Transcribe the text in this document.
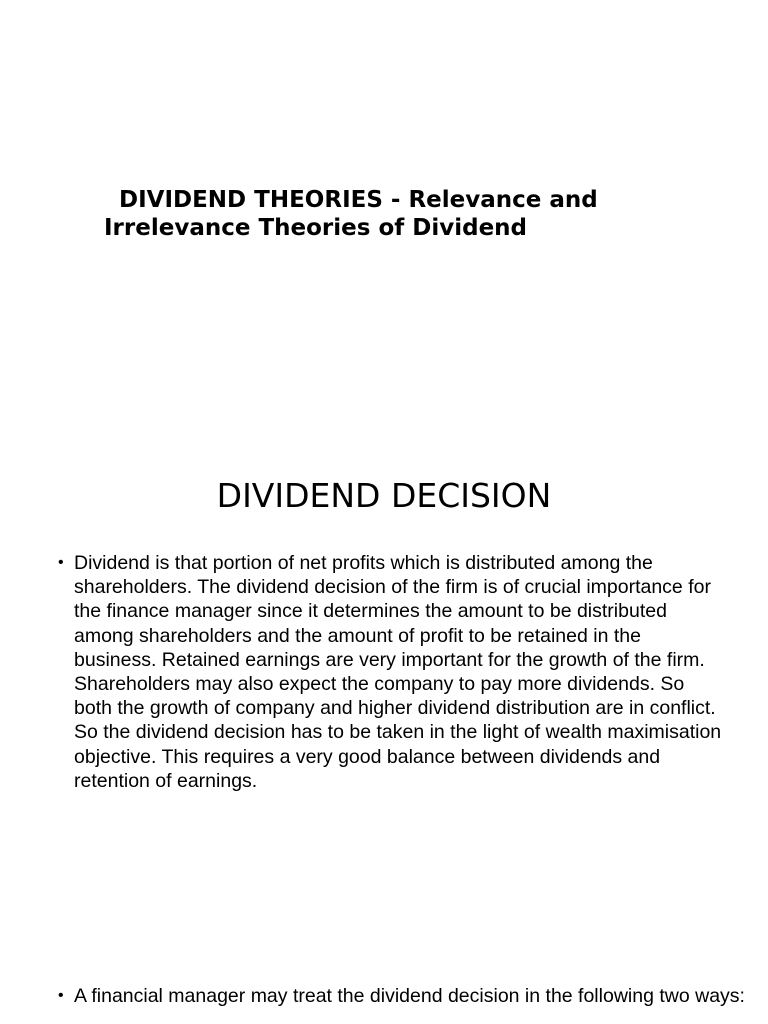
DIVIDEND THEORIES - Relevance and Irrelevance Theories of Dividend
DIVIDEND DECISION

• Dividend is that portion of net profits which is distributed among the shareholders. The dividend decision of the firm is of crucial importance for the finance manager since it determines the amount to be distributed among shareholders and the amount of profit to be retained in the business. Retained earnings are very important for the growth of the firm. Shareholders may also expect the company to pay more dividends. So both the growth of company and higher dividend distribution are in conflict. So the dividend decision has to be taken in the light of wealth maximisation objective. This requires a very good balance between dividends and retention of earnings.

• A financial manager may treat the dividend decision in the following two ways:
